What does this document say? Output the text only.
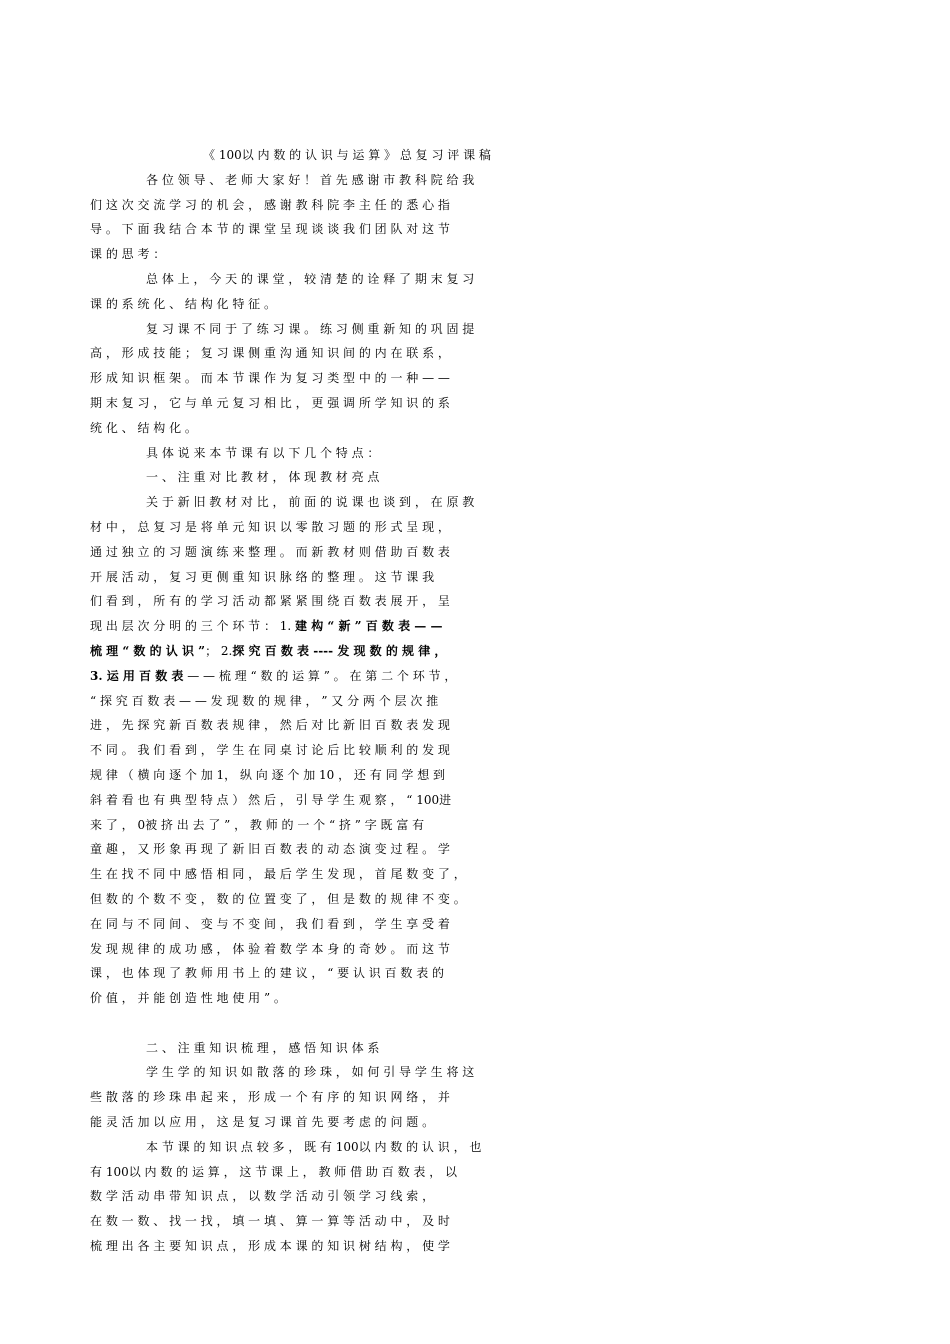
《 100以 内 数 的 认 识 与 运 算 》 总 复 习 评 课 稿
各 位 领 导 、 老 师 大 家 好 ！ 首 先 感 谢 市 教 科 院 给 我
们 这 次 交 流 学 习 的 机 会 ， 感 谢 教 科 院 李 主 任 的 悉 心 指
导 。 下 面 我 结 合 本 节 的 课 堂 呈 现 谈 谈 我 们 团 队 对 这 节
课 的 思 考 ：
总 体 上 ， 今 天 的 课 堂 ， 较 清 楚 的 诠 释 了 期 末 复 习
课 的 系 统 化 、 结 构 化 特 征 。
复 习 课 不 同 于 了 练 习 课 。 练 习 侧 重 新 知 的 巩 固 提
高 ， 形 成 技 能 ； 复 习 课 侧 重 沟 通 知 识 间 的 内 在 联 系 ，
形 成 知 识 框 架 。 而 本 节 课 作 为 复 习 类 型 中 的 一 种 — —
期 末 复 习 ， 它 与 单 元 复 习 相 比 ， 更 强 调 所 学 知 识 的 系
统 化 、 结 构 化 。
具 体 说 来 本 节 课 有 以 下 几 个 特 点 ：
一 、 注 重 对 比 教 材 ， 体 现 教 材 亮 点
关 于 新 旧 教 材 对 比 ， 前 面 的 说 课 也 谈 到 ， 在 原 教
材 中 ， 总 复 习 是 将 单 元 知 识 以 零 散 习 题 的 形 式 呈 现 ，
通 过 独 立 的 习 题 演 练 来 整 理 。 而 新 教 材 则 借 助 百 数 表
开 展 活 动 ， 复 习 更 侧 重 知 识 脉 络 的 整 理 。 这 节 课 我
们 看 到 ， 所 有 的 学 习 活 动 都 紧 紧 围 绕 百 数 表 展 开 ， 呈
现 出 层 次 分 明 的 三 个 环 节 ： 1. 建 构 “ 新 ” 百 数 表 — —
梳 理 “ 数 的 认 识 ”； 2.探 究 百 数 表 ---- 发 现 数 的 规 律 ，
3. 运 用 百 数 表 — — 梳 理 “ 数 的 运 算 ” 。 在 第 二 个 环 节 ，
“ 探 究 百 数 表 — — 发 现 数 的 规 律 ， ” 又 分 两 个 层 次 推
进 ， 先 探 究 新 百 数 表 规 律 ， 然 后 对 比 新 旧 百 数 表 发 现
不 同 。 我 们 看 到 ， 学 生 在 同 桌 讨 论 后 比 较 顺 利 的 发 现
规 律 （ 横 向 逐 个 加 1， 纵 向 逐 个 加 10 ， 还 有 同 学 想 到
斜 着 看 也 有 典 型 特 点 ） 然 后 ， 引 导 学 生 观 察 ， “ 100进
来 了 ， 0被 挤 出 去 了 ” ， 教 师 的 一 个 “ 挤 ” 字 既 富 有
童 趣 ， 又 形 象 再 现 了 新 旧 百 数 表 的 动 态 演 变 过 程 。 学
生 在 找 不 同 中 感 悟 相 同 ， 最 后 学 生 发 现 ， 首 尾 数 变 了 ，
但 数 的 个 数 不 变 ， 数 的 位 置 变 了 ， 但 是 数 的 规 律 不 变 。
在 同 与 不 同 间 、 变 与 不 变 间 ， 我 们 看 到 ， 学 生 享 受 着
发 现 规 律 的 成 功 感 ， 体 验 着 数 学 本 身 的 奇 妙 。 而 这 节
课 ， 也 体 现 了 教 师 用 书 上 的 建 议 ， “ 要 认 识 百 数 表 的
价 值 ， 并 能 创 造 性 地 使 用 ” 。
二 、 注 重 知 识 梳 理 ， 感 悟 知 识 体 系
学 生 学 的 知 识 如 散 落 的 珍 珠 ， 如 何 引 导 学 生 将 这
些 散 落 的 珍 珠 串 起 来 ， 形 成 一 个 有 序 的 知 识 网 络 ， 并
能 灵 活 加 以 应 用 ， 这 是 复 习 课 首 先 要 考 虑 的 问 题 。
本 节 课 的 知 识 点 较 多 ， 既 有 100以 内 数 的 认 识 ， 也
有 100以 内 数 的 运 算 ， 这 节 课 上 ， 教 师 借 助 百 数 表 ， 以
数 学 活 动 串 带 知 识 点 ， 以 数 学 活 动 引 领 学 习 线 索 ，
在 数 一 数 、 找 一 找 ， 填 一 填 、 算 一 算 等 活 动 中 ， 及 时
梳 理 出 各 主 要 知 识 点 ， 形 成 本 课 的 知 识 树 结 构 ， 使 学
